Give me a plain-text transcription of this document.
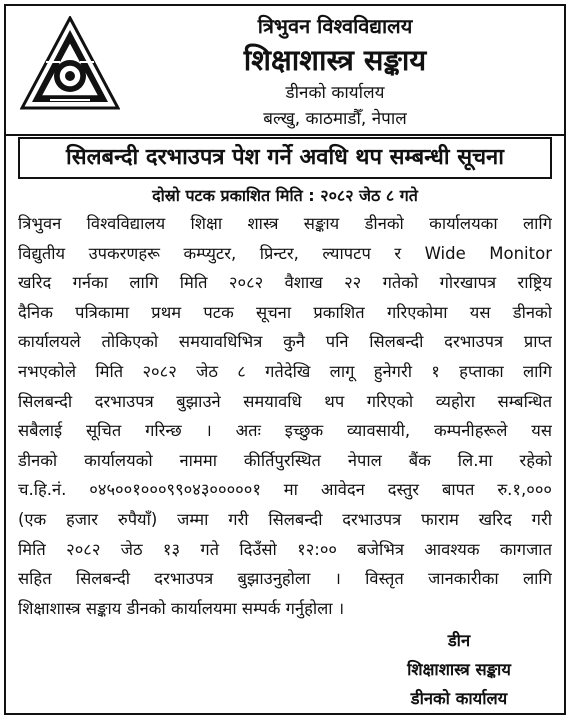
त्रिभुवन विश्वविद्यालय
शिक्षाशास्त्र सङ्काय
डीनको कार्यालय
बल्खु, काठमाडौँ, नेपाल
सिलबन्दी दरभाउपत्र पेश गर्ने अवधि थप सम्बन्धी सूचना
दोस्रो पटक प्रकाशित मिति : २०८२ जेठ ८ गते
त्रिभुवन विश्वविद्यालय शिक्षा शास्त्र सङ्काय डीनको कार्यालयका लागि
विद्युतीय उपकरणहरू कम्प्युटर, प्रिन्टर, ल्यापटप र Wide Monitor
खरिद गर्नका लागि मिति २०८२ वैशाख २२ गतेको गोरखापत्र राष्ट्रिय
दैनिक पत्रिकामा प्रथम पटक सूचना प्रकाशित गरिएकोमा यस डीनको
कार्यालयले तोकिएको समयावधिभित्र कुनै पनि सिलबन्दी दरभाउपत्र प्राप्त
नभएकोले मिति २०८२ जेठ ८ गतेदेखि लागू हुनेगरी १ हप्ताका लागि
सिलबन्दी दरभाउपत्र बुझाउने समयावधि थप गरिएको व्यहोरा सम्बन्धित
सबैलाई सूचित गरिन्छ । अतः इच्छुक व्यावसायी, कम्पनीहरूले यस
डीनको कार्यालयको नाममा कीर्तिपुरस्थित नेपाल बैंक लि.मा रहेको
च.हि.नं. ०४५००१०००९९०४३०००००१ मा आवेदन दस्तुर बापत रु.१,०००
(एक हजार रुपैयाँ) जम्मा गरी सिलबन्दी दरभाउपत्र फाराम खरिद गरी
मिति २०८२ जेठ १३ गते दिउँसो १२:०० बजेभित्र आवश्यक कागजात
सहित सिलबन्दी दरभाउपत्र बुझाउनुहोला । विस्तृत जानकारीका लागि
शिक्षाशास्त्र सङ्काय डीनको कार्यालयमा सम्पर्क गर्नुहोला ।
डीन
शिक्षाशास्त्र सङ्काय
डीनको कार्यालय
